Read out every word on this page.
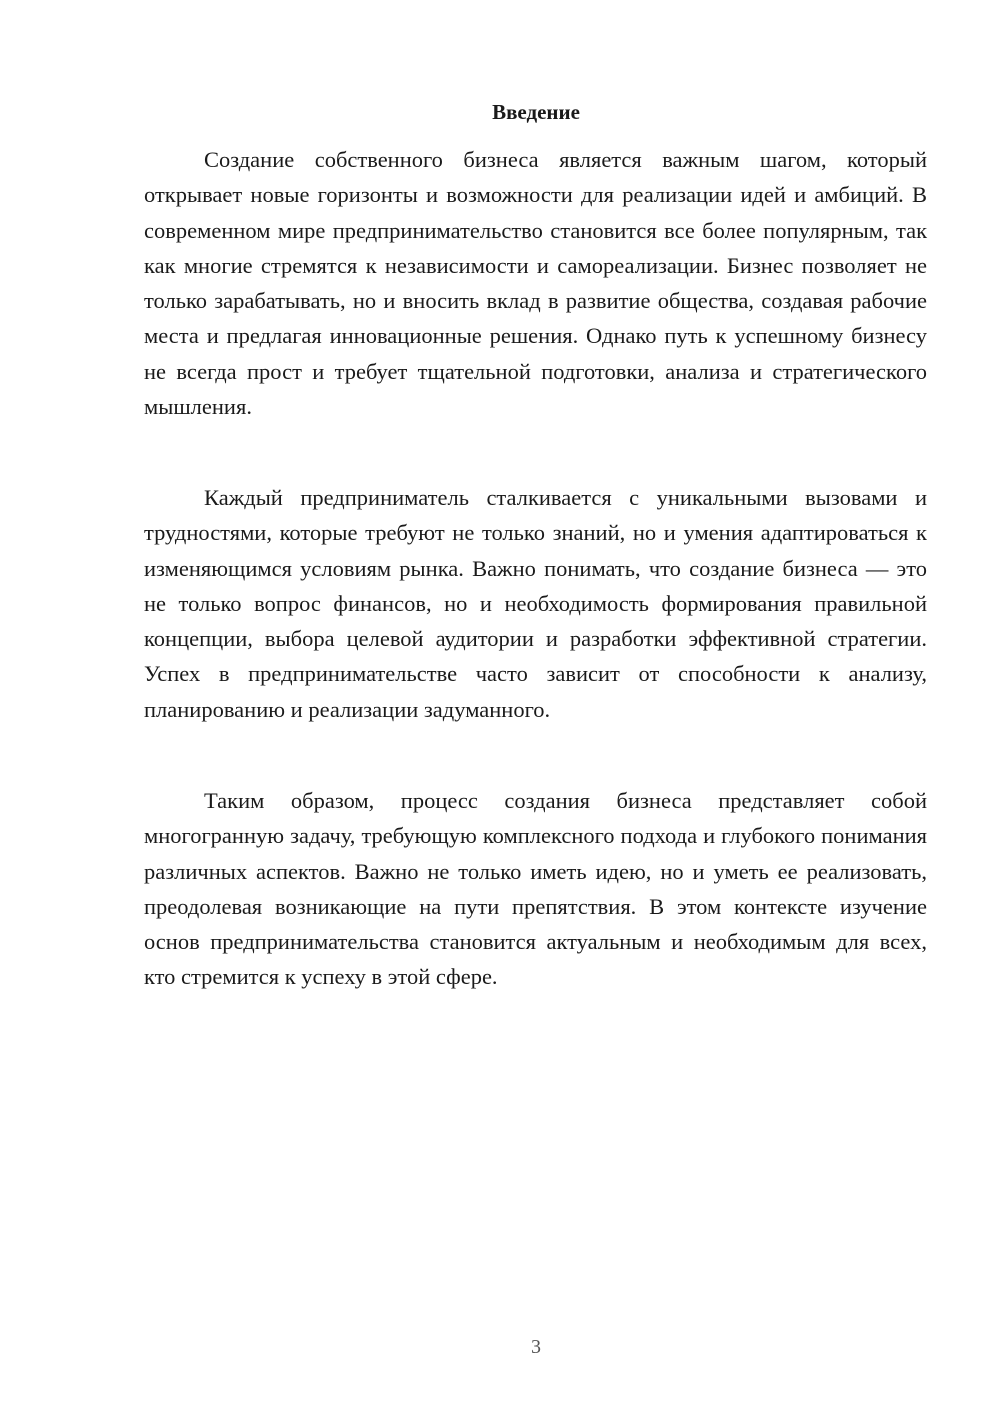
Введение

Создание собственного бизнеса является важным шагом, который открывает новые горизонты и возможности для реализации идей и амбиций. В современном мире предпринимательство становится все более популярным, так как многие стремятся к независимости и самореализации. Бизнес позволяет не только зарабатывать, но и вносить вклад в развитие общества, создавая рабочие места и предлагая инновационные решения. Однако путь к успешному бизнесу не всегда прост и требует тщательной подготовки, анализа и стратегического мышления.

Каждый предприниматель сталкивается с уникальными вызовами и трудностями, которые требуют не только знаний, но и умения адаптироваться к изменяющимся условиям рынка. Важно понимать, что создание бизнеса — это не только вопрос финансов, но и необходимость формирования правильной концепции, выбора целевой аудитории и разработки эффективной стратегии. Успех в предпринимательстве часто зависит от способности к анализу, планированию и реализации задуманного.

Таким образом, процесс создания бизнеса представляет собой многогранную задачу, требующую комплексного подхода и глубокого понимания различных аспектов. Важно не только иметь идею, но и уметь ее реализовать, преодолевая возникающие на пути препятствия. В этом контексте изучение основ предпринимательства становится актуальным и необходимым для всех, кто стремится к успеху в этой сфере.

3
